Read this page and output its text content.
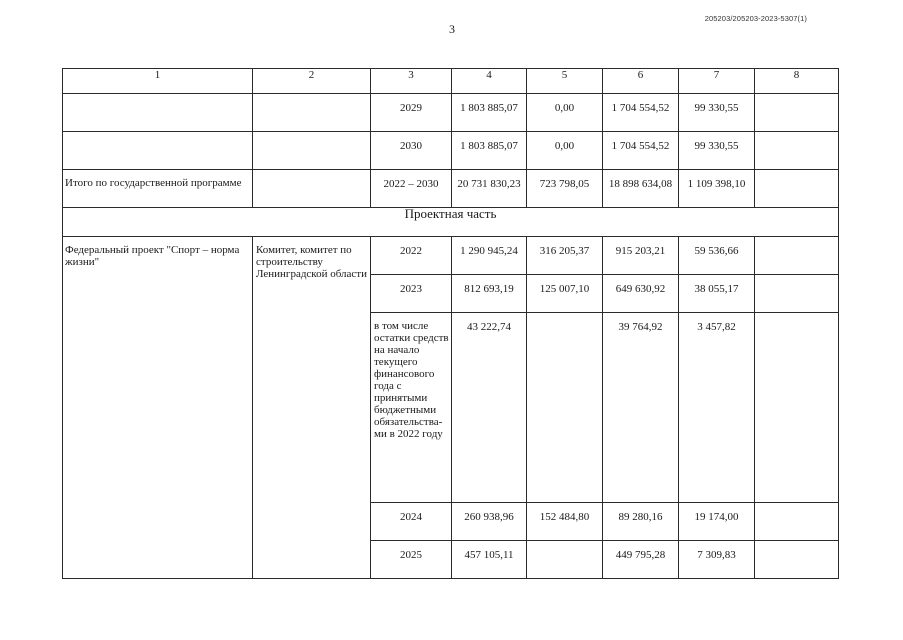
3
205203/205203-2023-5307(1)
1	2	3	4	5	6	7	8
		2029	1 803 885,07	0,00	1 704 554,52	99 330,55	
		2030	1 803 885,07	0,00	1 704 554,52	99 330,55	
Итого по государственной программе		2022 – 2030	20 731 830,23	723 798,05	18 898 634,08	1 109 398,10	
Проектная часть							
Федеральный проект "Спорт – норма жизни"	Комитет, комитет по строительству Ленинградской области	2022	1 290 945,24	316 205,37	915 203,21	59 536,66	
		2023	812 693,19	125 007,10	649 630,92	38 055,17	
		в том числе остатки средств на начало текущего финансового года с принятыми бюджетными обязательства-ми в 2022 году	43 222,74		39 764,92	3 457,82	
		2024	260 938,96	152 484,80	89 280,16	19 174,00	
		2025	457 105,11		449 795,28	7 309,83	
